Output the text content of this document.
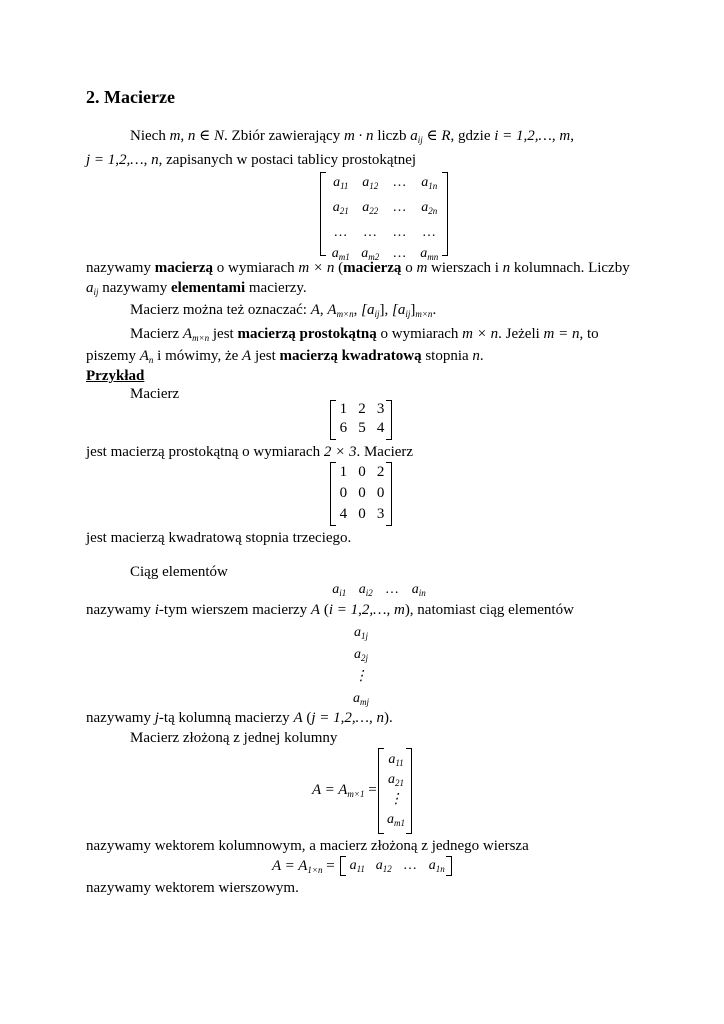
2. Macierze
Niech m, n ∈ N. Zbiór zawierający m · n liczb $a_{ij}$ ∈ R, gdzie i = 1,2,…, m,
j = 1,2,…, n, zapisanych w postaci tablicy prostokątnej
$a_{11}$ $a_{12}$	…	$a_{1n}$
$a_{21}$ $a_{22}$	…	$a_{2n}$
…	…	…	…
$a_{m1}$ $a_{m2}$	…	$a_{mn}$
nazywamy macierzą o wymiarach m × n (macierzą o m wierszach i n kolumnach. Liczby
$a_{ij}$ nazywamy elementami macierzy.
Macierz można też oznaczać: A, $A_{m\times n}$, $[a_{ij}]$, $[a_{ij}]_{m\times n}$.
Macierz $A_{m\times n}$ jest macierzą prostokątną o wymiarach m × n. Jeżeli m = n, to
piszemy $A_n$ i mówimy, że A jest macierzą kwadratową stopnia n.
Przykład
Macierz
1 2 3
6 5 4
jest macierzą prostokątną o wymiarach 2 × 3. Macierz
1 0 2
0 0 0
4 0 3
jest macierzą kwadratową stopnia trzeciego.
Ciąg elementów
$a_{i1}$ $a_{i2}$ … $a_{in}$
nazywamy i-tym wierszem macierzy A (i = 1,2,…, m), natomiast ciąg elementów
$a_{1j}$
$a_{2j}$
⋮
$a_{mj}$
nazywamy j-tą kolumną macierzy A (j = 1,2,…, n).
Macierz złożoną z jednej kolumny
$A = A_{m\times 1}$ =
$a_{11}$
$a_{21}$
⋮
$a_{m1}$
nazywamy wektorem kolumnowym, a macierz złożoną z jednego wiersza
$A = A_{1\times n}$ =	$a_{11}$ $a_{12}$ … $a_{1n}$
nazywamy wektorem wierszowym.
